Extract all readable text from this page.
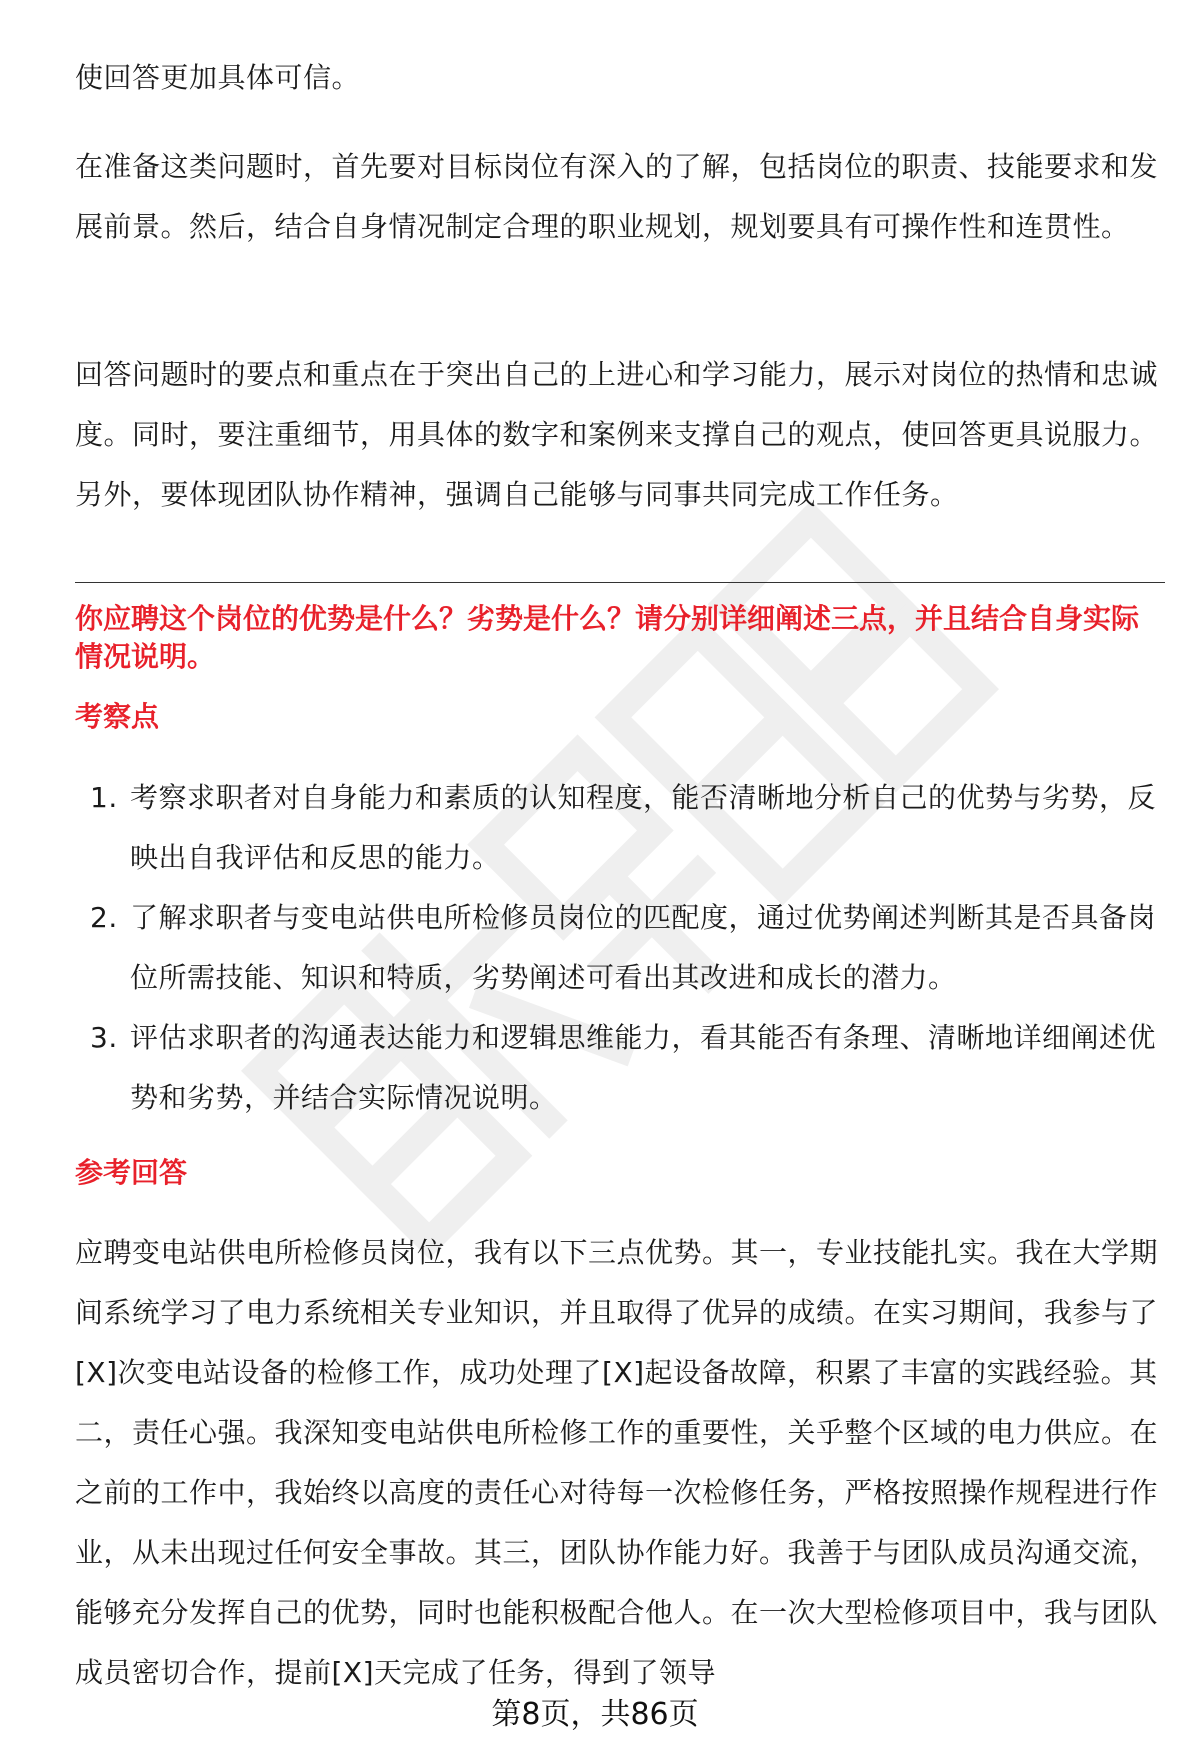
使回答更加具体可信。

在准备这类问题时，首先要对目标岗位有深入的了解，包括岗位的职责、技能要求和发展前景。然后，结合自身情况制定合理的职业规划，规划要具有可操作性和连贯性。

回答问题时的要点和重点在于突出自己的上进心和学习能力，展示对岗位的热情和忠诚度。同时，要注重细节，用具体的数字和案例来支撑自己的观点，使回答更具说服力。另外，要体现团队协作精神，强调自己能够与同事共同完成工作任务。

你应聘这个岗位的优势是什么？劣势是什么？请分别详细阐述三点，并且结合自身实际情况说明。

考察点

1. 考察求职者对自身能力和素质的认知程度，能否清晰地分析自己的优势与劣势，反映出自我评估和反思的能力。
2. 了解求职者与变电站供电所检修员岗位的匹配度，通过优势阐述判断其是否具备岗位所需技能、知识和特质，劣势阐述可看出其改进和成长的潜力。
3. 评估求职者的沟通表达能力和逻辑思维能力，看其能否有条理、清晰地详细阐述优势和劣势，并结合实际情况说明。

参考回答

应聘变电站供电所检修员岗位，我有以下三点优势。其一，专业技能扎实。我在大学期间系统学习了电力系统相关专业知识，并且取得了优异的成绩。在实习期间，我参与了[X]次变电站设备的检修工作，成功处理了[X]起设备故障，积累了丰富的实践经验。其二，责任心强。我深知变电站供电所检修工作的重要性，关乎整个区域的电力供应。在之前的工作中，我始终以高度的责任心对待每一次检修任务，严格按照操作规程进行作业，从未出现过任何安全事故。其三，团队协作能力好。我善于与团队成员沟通交流，能够充分发挥自己的优势，同时也能积极配合他人。在一次大型检修项目中，我与团队成员密切合作，提前[X]天完成了任务，得到了领导

第8页，共86页
